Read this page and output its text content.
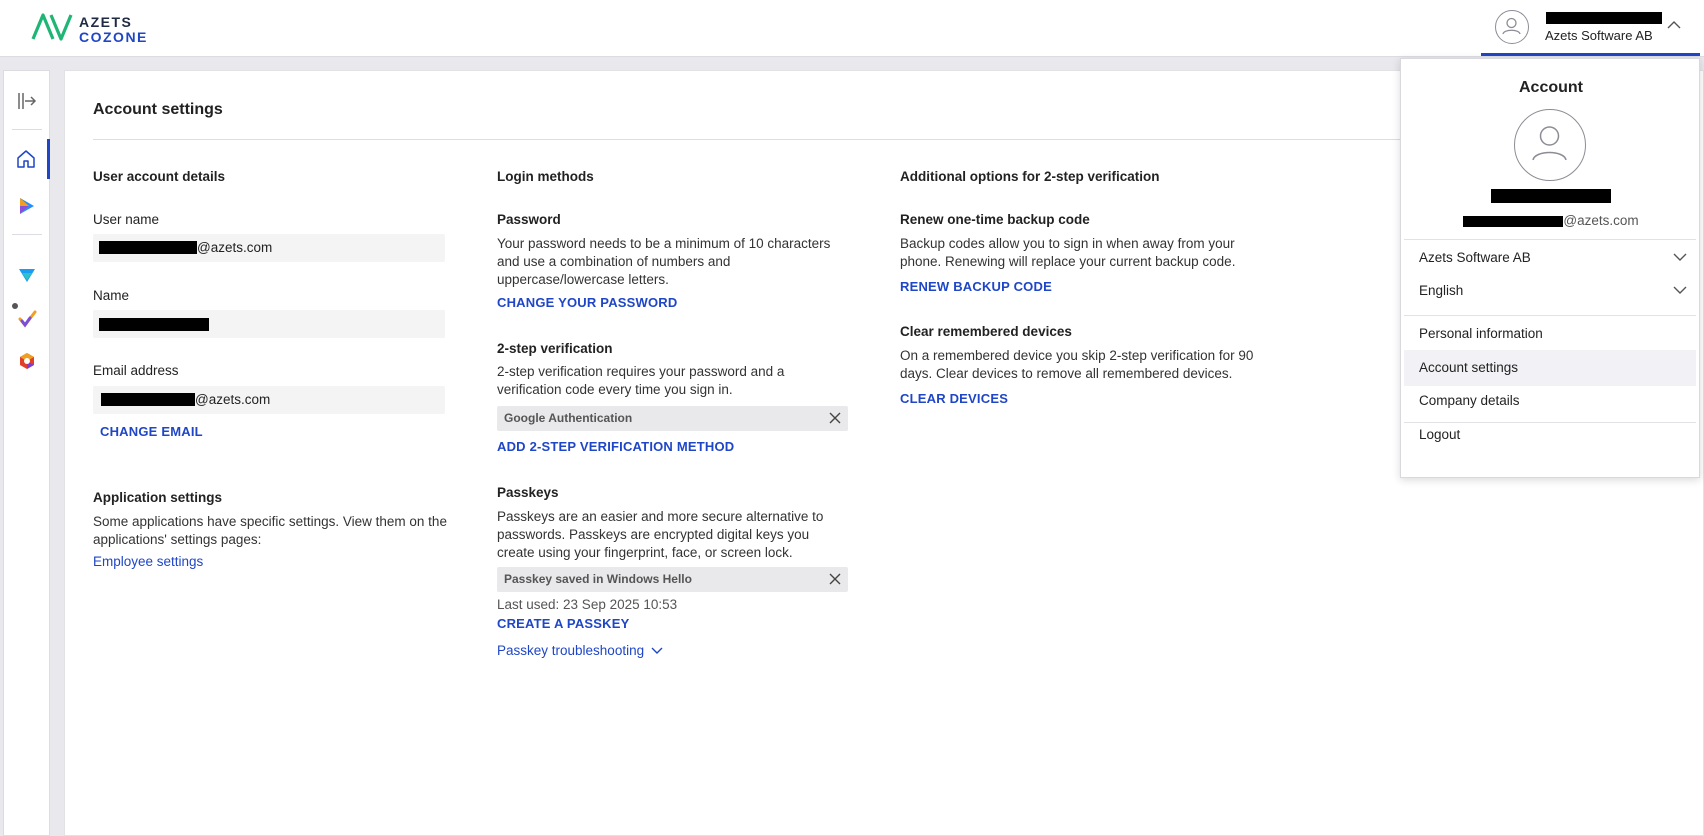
AZETS
COZONE	Azets Software AB
Account settings
User account details
User name
@azets.com
Name
Email address
@azets.com
CHANGE EMAIL
Application settings
Some applications have specific settings. View them on the applications' settings pages:
Employee settings
Login methods
Password
Your password needs to be a minimum of 10 characters and use a combination of numbers and uppercase/lowercase letters.
CHANGE YOUR PASSWORD
2-step verification
2-step verification requires your password and a verification code every time you sign in.
Google Authentication
ADD 2-STEP VERIFICATION METHOD
Passkeys
Passkeys are an easier and more secure alternative to passwords. Passkeys are encrypted digital keys you create using your fingerprint, face, or screen lock.
Passkey saved in Windows Hello
Last used: 23 Sep 2025 10:53
CREATE A PASSKEY
Passkey troubleshooting
Additional options for 2-step verification
Renew one-time backup code
Backup codes allow you to sign in when away from your phone. Renewing will replace your current backup code.
RENEW BACKUP CODE
Clear remembered devices
On a remembered device you skip 2-step verification for 90 days. Clear devices to remove all remembered devices.
CLEAR DEVICES
Account
@azets.com
Azets Software AB
English
Personal information
Account settings
Company details
Logout
